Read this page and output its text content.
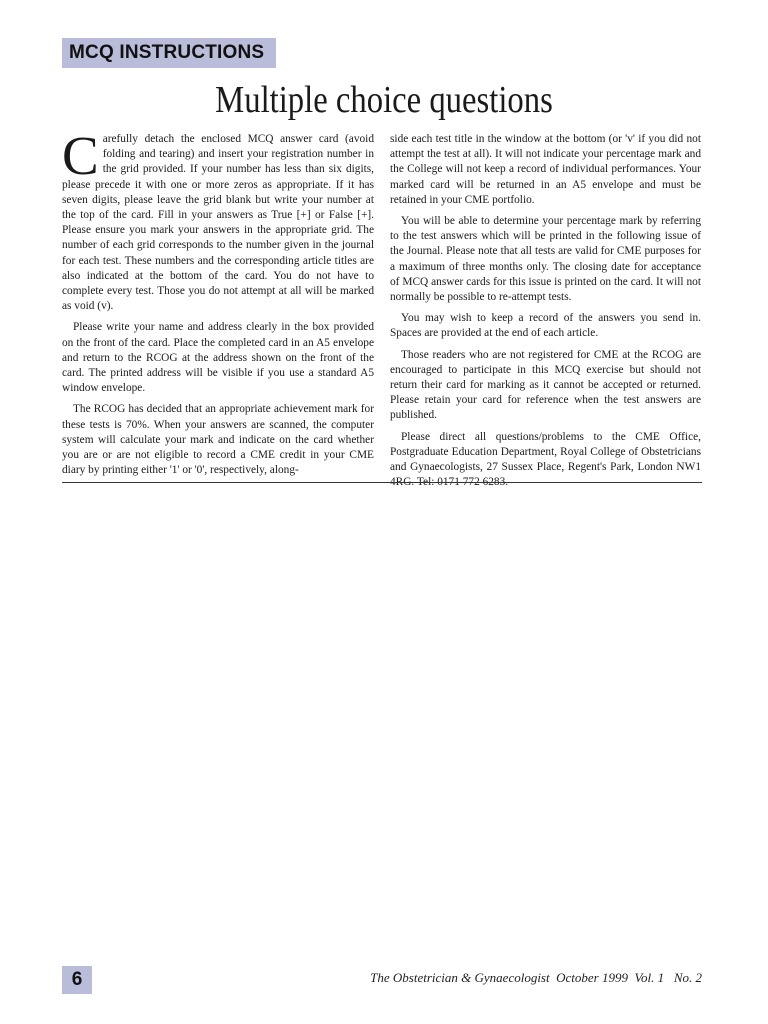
MCQ INSTRUCTIONS
Multiple choice questions

Carefully detach the enclosed MCQ answer card (avoid folding and tearing) and insert your registration number in the grid provided. If your number has less than six digits, please precede it with one or more zeros as appropriate. If it has seven digits, please leave the grid blank but write your number at the top of the card. Fill in your answers as True [+] or False [+]. Please ensure you mark your answers in the appropriate grid. The number of each grid corresponds to the number given in the journal for each test. These numbers and the corresponding article titles are also indicated at the bottom of the card. You do not have to complete every test. Those you do not attempt at all will be marked as void (v).

Please write your name and address clearly in the box provided on the front of the card. Place the completed card in an A5 envelope and return to the RCOG at the address shown on the front of the card. The printed address will be visible if you use a standard A5 window envelope.

The RCOG has decided that an appropriate achievement mark for these tests is 70%. When your answers are scanned, the computer system will calculate your mark and indicate on the card whether you are or are not eligible to record a CME credit in your CME diary by printing either '1' or '0', respectively, along-

side each test title in the window at the bottom (or 'v' if you did not attempt the test at all). It will not indicate your percentage mark and the College will not keep a record of individual performances. Your marked card will be returned in an A5 envelope and must be retained in your CME portfolio.

You will be able to determine your percentage mark by referring to the test answers which will be printed in the following issue of the Journal. Please note that all tests are valid for CME purposes for a maximum of three months only. The closing date for acceptance of MCQ answer cards for this issue is printed on the card. It will not normally be possible to re-attempt tests.

You may wish to keep a record of the answers you send in. Spaces are provided at the end of each article.

Those readers who are not registered for CME at the RCOG are encouraged to participate in this MCQ exercise but should not return their card for marking as it cannot be accepted or returned. Please retain your card for reference when the test answers are published.

Please direct all questions/problems to the CME Office, Postgraduate Education Department, Royal College of Obstetricians and Gynaecologists, 27 Sussex Place, Regent's Park, London NW1 4RG. Tel: 0171 772 6283.

6	The Obstetrician & Gynaecologist  October 1999  Vol. 1   No. 2
